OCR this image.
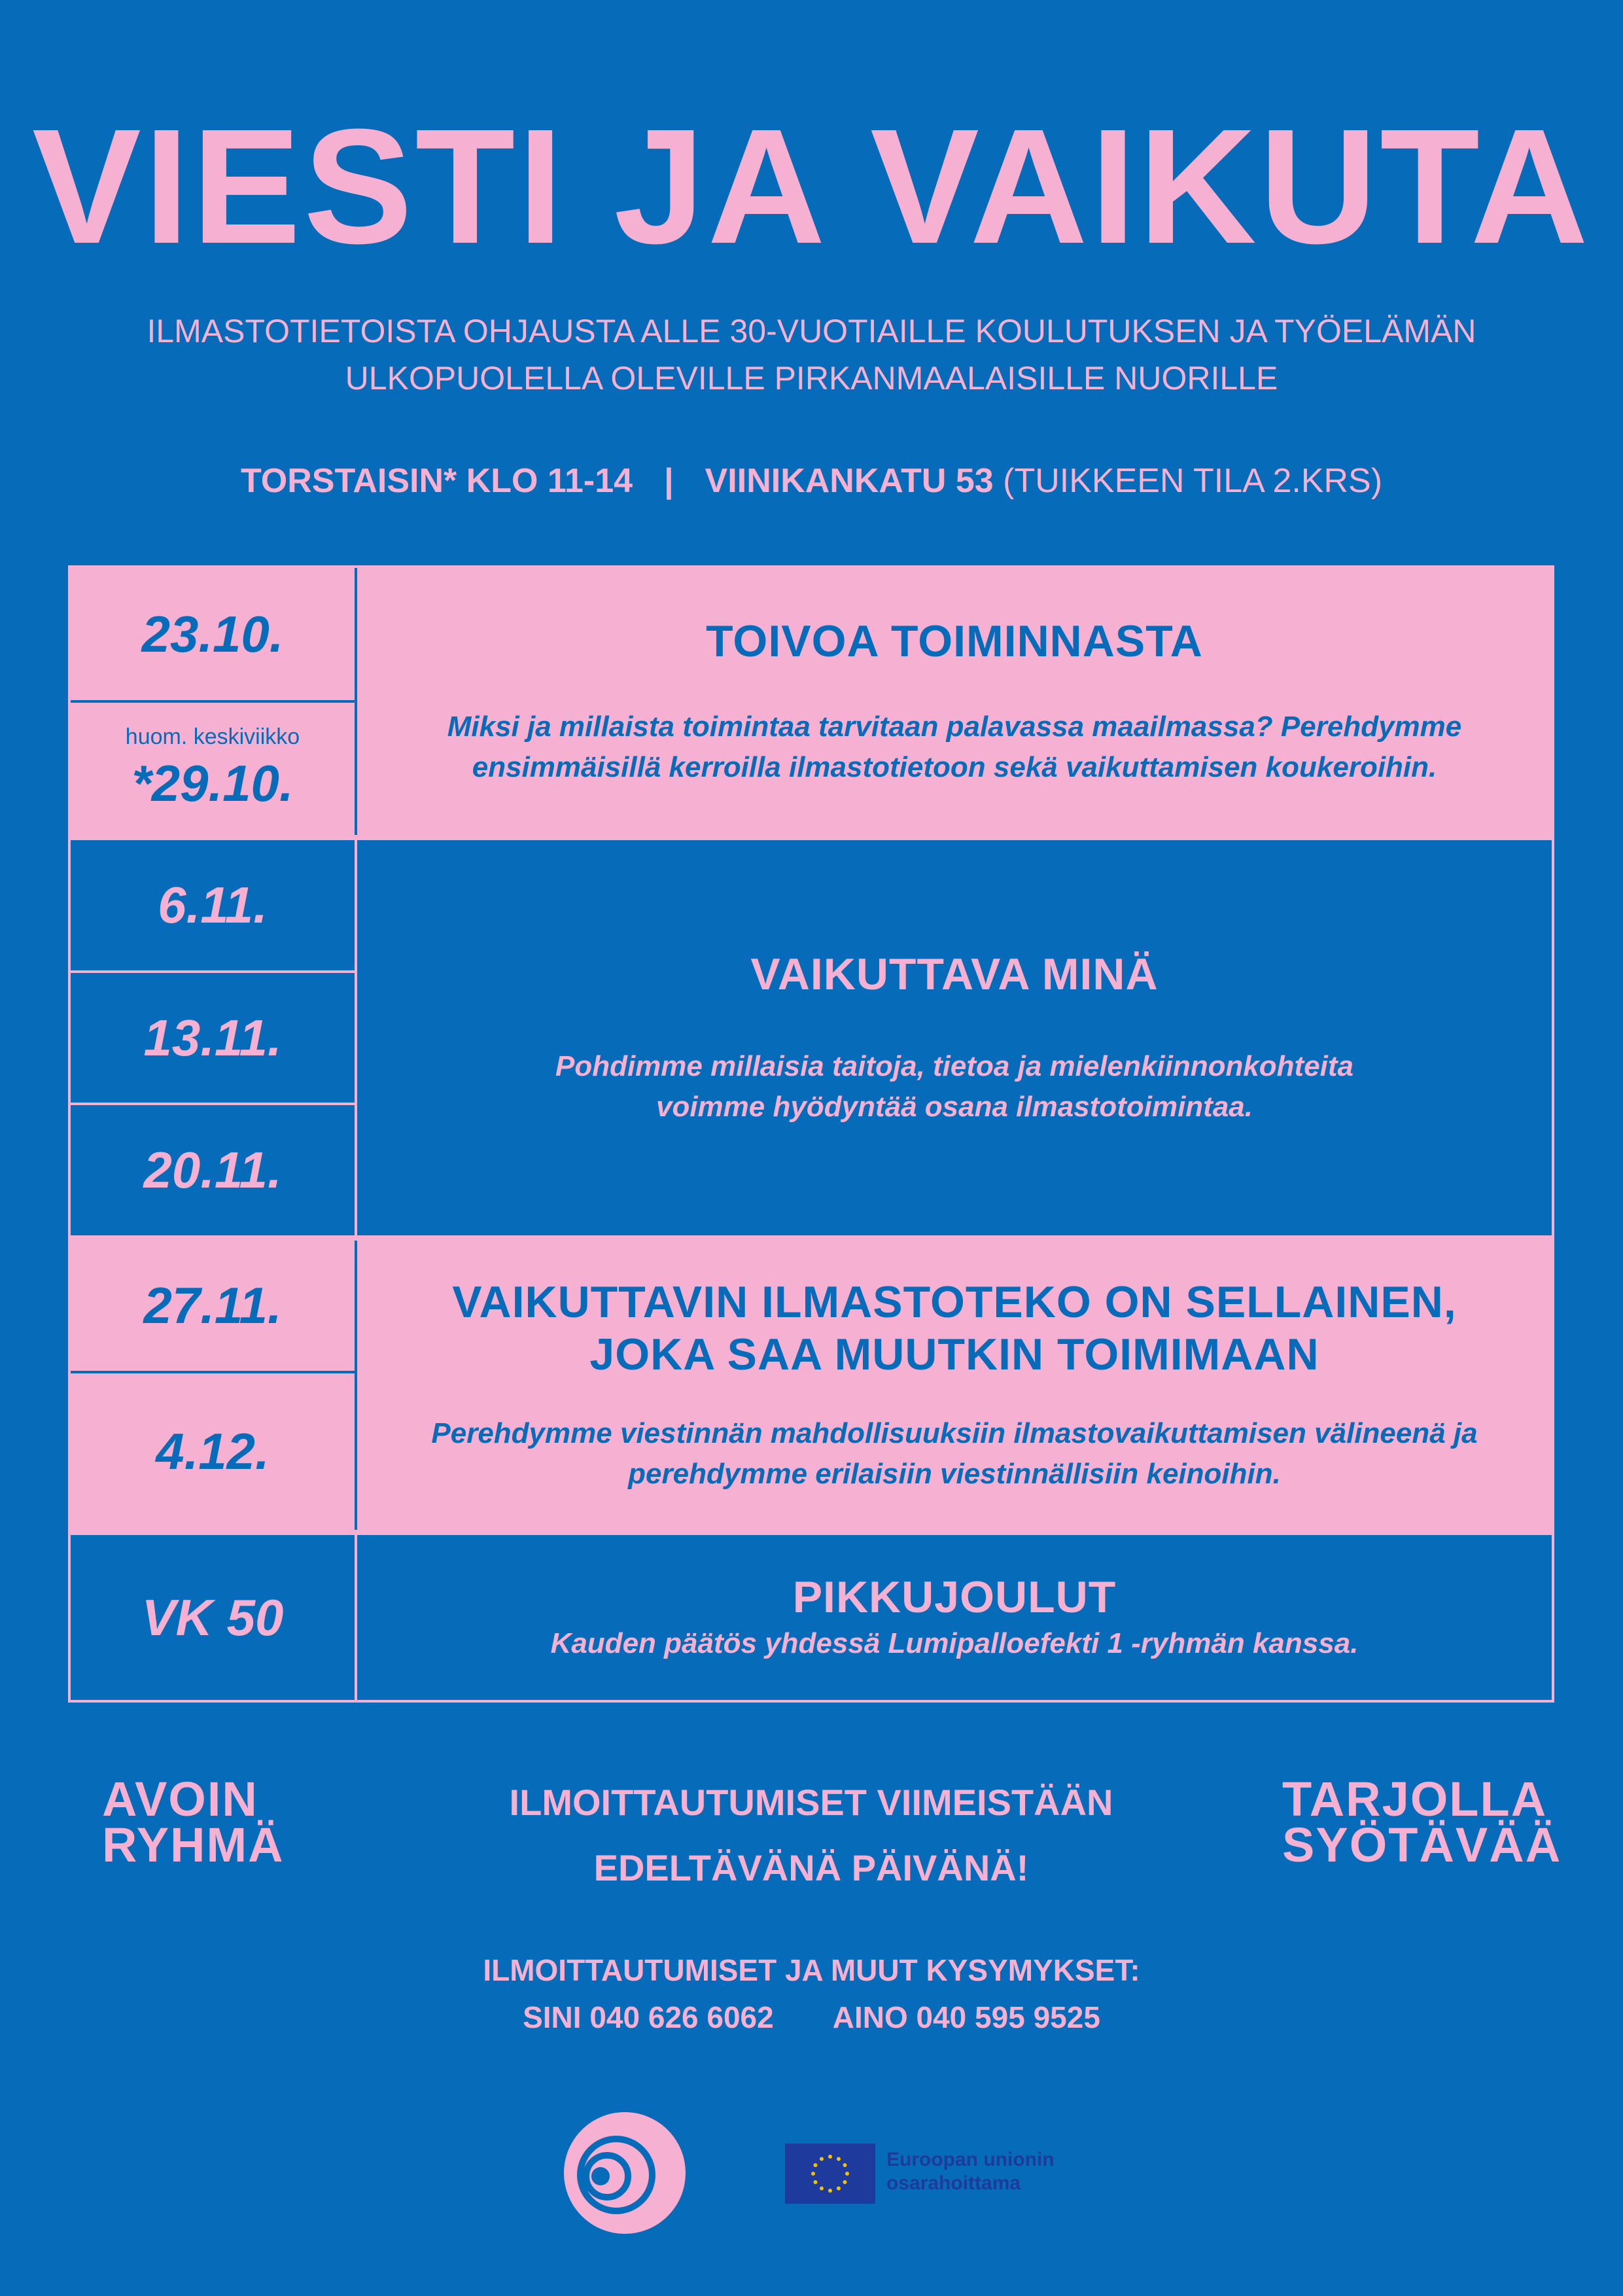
VIESTI JA VAIKUTA
ILMASTOTIETOISTA OHJAUSTA ALLE 30-VUOTIAILLE KOULUTUKSEN JA TYÖELÄMÄN
ULKOPUOLELLA OLEVILLE PIRKANMAALAISILLE NUORILLE
TORSTAISIN* KLO 11-14 | VIINIKANKATU 53 (TUIKKEEN TILA 2.KRS)
23.10.
huom. keskiviikko
*29.10.
TOIVOA TOIMINNASTA

Miksi ja millaista toimintaa tarvitaan palavassa maailmassa? Perehdymme

ensimmäisillä kerroilla ilmastotietoon sekä vaikuttamisen koukeroihin.

6.11.
13.11.
20.11.
VAIKUTTAVA MINÄ

Pohdimme millaisia taitoja, tietoa ja mielenkiinnonkohteita

voimme hyödyntää osana ilmastotoimintaa.

27.11.
4.12.
VAIKUTTAVIN ILMASTOTEKO ON SELLAINEN,
JOKA SAA MUUTKIN TOIMIMAAN

Perehdymme viestinnän mahdollisuuksiin ilmastovaikuttamisen välineenä ja

perehdymme erilaisiin viestinnällisiin keinoihin.

VK 50	PIKKUJOULUT

Kauden päätös yhdessä Lumipalloefekti 1 -ryhmän kanssa.

AVOIN
RYHMÄ
ILMOITTAUTUMISET VIIMEISTÄÄN
EDELTÄVÄNÄ PÄIVÄNÄ!
TARJOLLA
SYÖTÄVÄÄ
ILMOITTAUTUMISET JA MUUT KYSYMYKSET:
SINI 040 626 6062 AINO 040 595 9525
Euroopan unionin
osarahoittama
